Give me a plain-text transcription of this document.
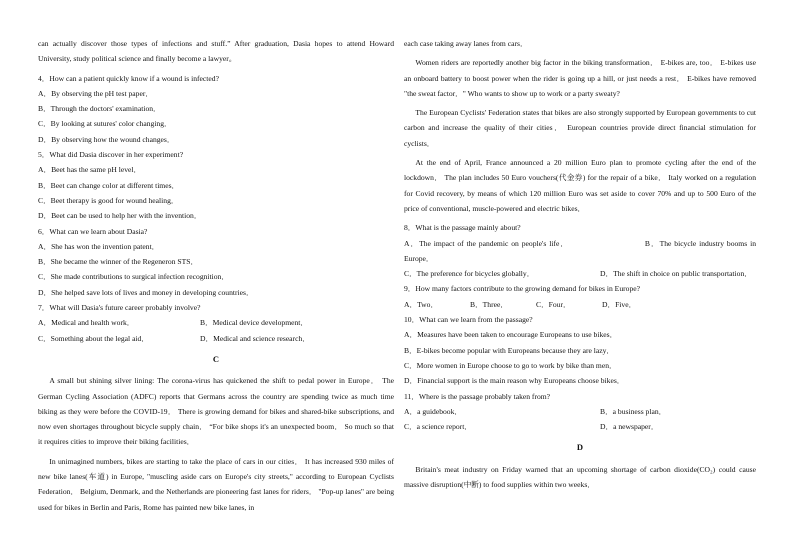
can actually discover those types of infections and stuff.” After graduation, Dasia hopes to attend Howard University, study political science and finally become a lawyer。

4．How can a patient quickly know if a wound is infected?

A．By observing the pH test paper．

B．Through the doctors' examination．

C．By looking at sutures' color changing．

D．By observing how the wound changes．

5．What did Dasia discover in her experiment?

A．Beet has the same pH level．

B．Beet can change color at different times．

C．Beet therapy is good for wound healing．

D．Beet can be used to help her with the invention．

6．What can we learn about Dasia?

A．She has won the invention patent．

B．She became the winner of the Regeneron STS．

C．She made contributions to surgical infection recognition．

D．She helped save lots of lives and money in developing countries．

7．What will Dasia's future career probably involve?

A．Medical and health work．	B．Medical device development．
C．Something about the legal aid．	D．Medical and science research．
C

A small but shining silver lining: The corona-virus has quickened the shift to pedal power in Europe． The German Cycling Association (ADFC) reports that Germans across the country are spending twice as much time biking as they were before the COVID-19． There is growing demand for bikes and shared-bike subscriptions, and now even shortages throughout bicycle supply chain． “For bike shops it's an unexpected boom． So much so that it requires cities to improve their biking facilities．

In unimagined numbers, bikes are starting to take the place of cars in our cities． It has increased 930 miles of new bike lanes(车道) in Europe, "muscling aside cars on Europe's city streets," according to European Cyclists Federation． Belgium, Denmark, and the Netherlands are pioneering fast lanes for riders． "Pop-up lanes" are being used for bikes in Berlin and Paris, Rome has painted new bike lanes, in

each case taking away lanes from cars．

Women riders are reportedly another big factor in the biking transformation． E-bikes are, too． E-bikes use an onboard battery to boost power when the rider is going up a hill, or just needs a rest． E-bikes have removed "the sweat factor．" Who wants to show up to work or a party sweaty?

The European Cyclists' Federation states that bikes are also strongly supported by European governments to cut carbon and increase the quality of their cities． European countries provide direct financial stimulation for cyclists．

At the end of April, France announced a 20 million Euro plan to promote cycling after the end of the lockdown． The plan includes 50 Euro vouchers(代金券) for the repair of a bike． Italy worked on a regulation for Covid recovery, by means of which 120 million Euro was set aside to cover 70% and up to 500 Euro of the price of conventional, muscle-powered and electric bikes．

8．What is the passage mainly about?

A．The impact of the pandemic on people's life．          	B．The bicycle industry booms in Europe．

C．The preference for bicycles globally．	D．The shift in choice on public transportation．

9．How many factors contribute to the growing demand for bikes in Europe?

A．Two．	B．Three．	C．Four．	D．Five．

10．What can we learn from the passage?

A．Measures have been taken to encourage Europeans to use bikes．

B．E-bikes become popular with Europeans because they are lazy．

C．More women in Europe choose to go to work by bike than men．

D．Financial support is the main reason why Europeans choose bikes．

11．Where is the passage probably taken from?

A．a guidebook．	B．a business plan．
C．a science report．	D．a newspaper．
D

Britain's meat industry on Friday warned that an upcoming shortage of carbon dioxide(CO₂) could cause massive disruption(中断) to food supplies within two weeks．
